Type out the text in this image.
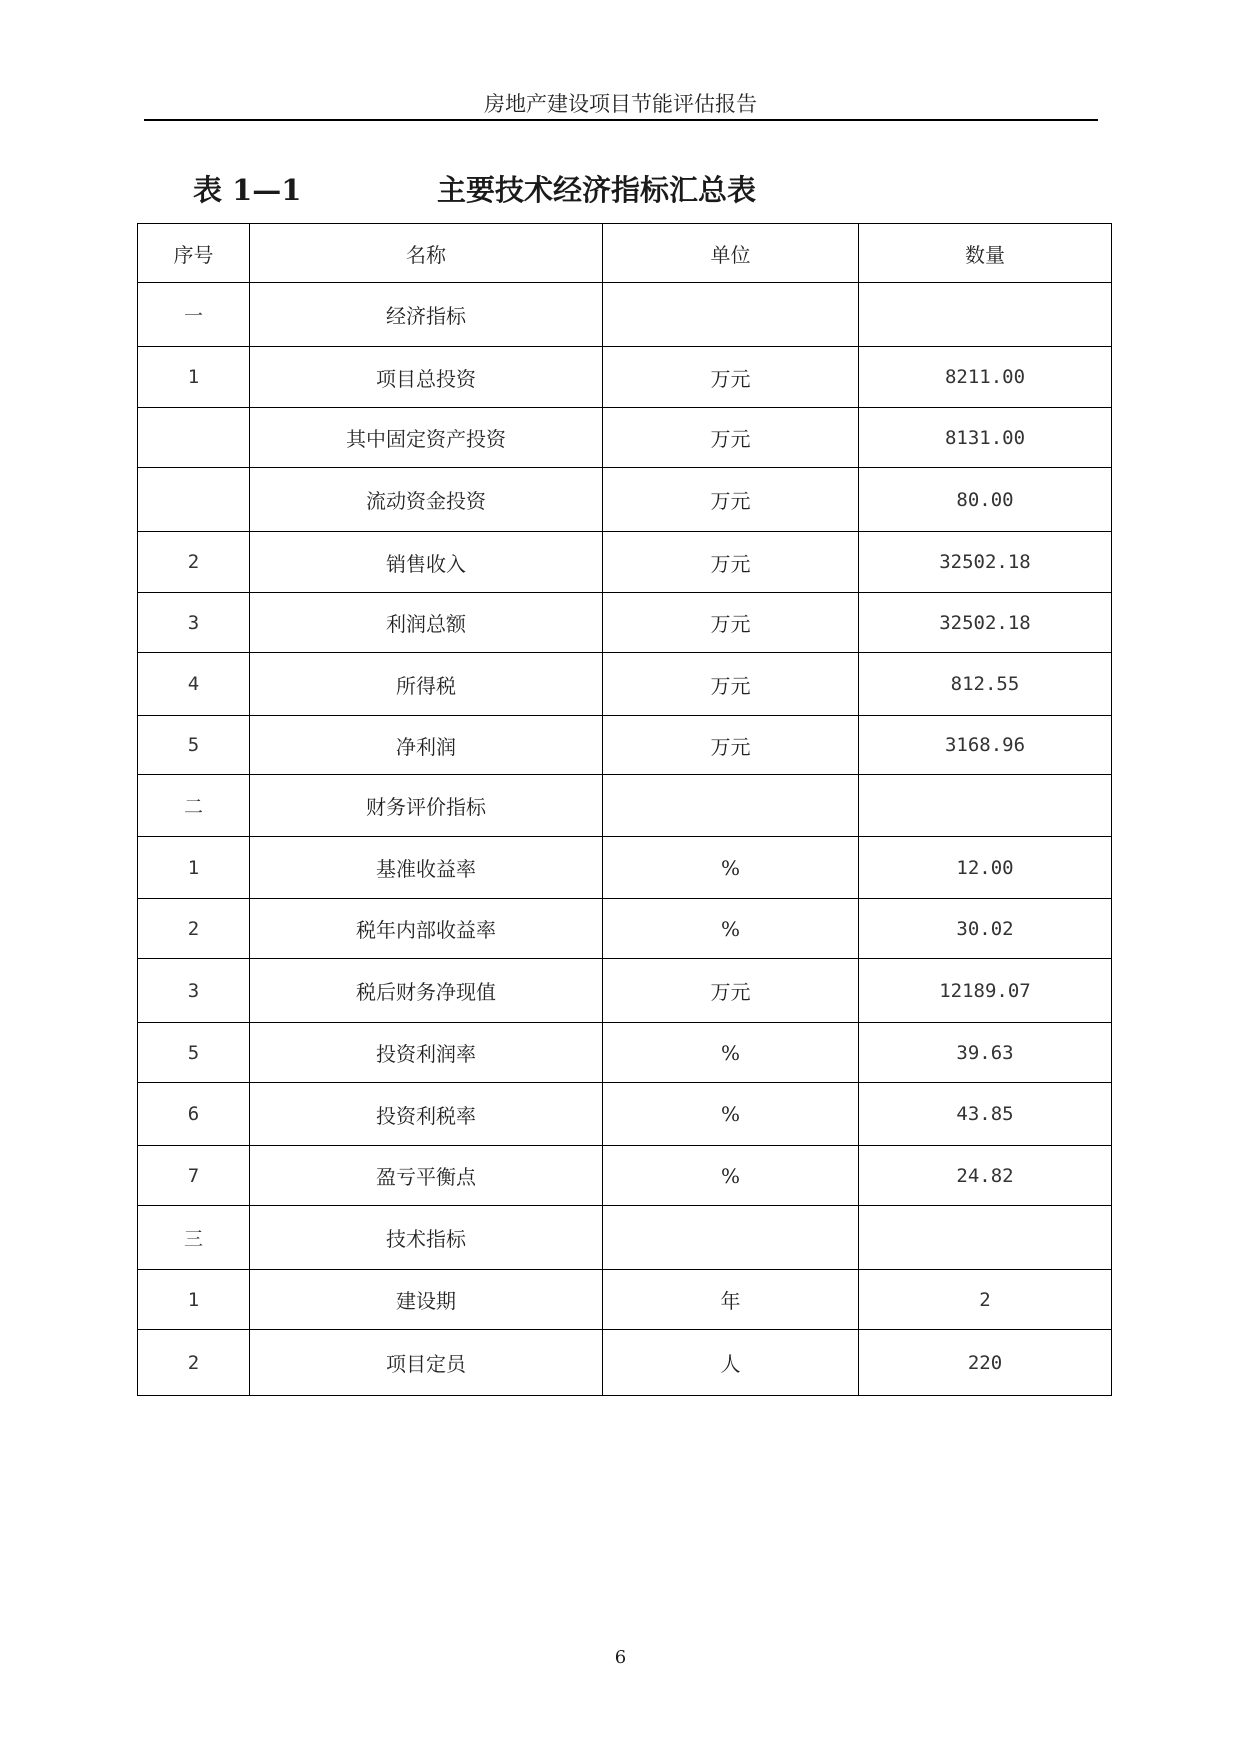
房地产建设项目节能评估报告
表 1—1	主要技术经济指标汇总表
序号	名称	单位	数量
一	经济指标		
1	项目总投资	万元	8211.00
	其中固定资产投资	万元	8131.00
	流动资金投资	万元	80.00
2	销售收入	万元	32502.18
3	利润总额	万元	32502.18
4	所得税	万元	812.55
5	净利润	万元	3168.96
二	财务评价指标		
1	基准收益率	%	12.00
2	税年内部收益率	%	30.02
3	税后财务净现值	万元	12189.07
5	投资利润率	%	39.63
6	投资利税率	%	43.85
7	盈亏平衡点	%	24.82
三	技术指标		
1	建设期	年	2
2	项目定员	人	220
6
